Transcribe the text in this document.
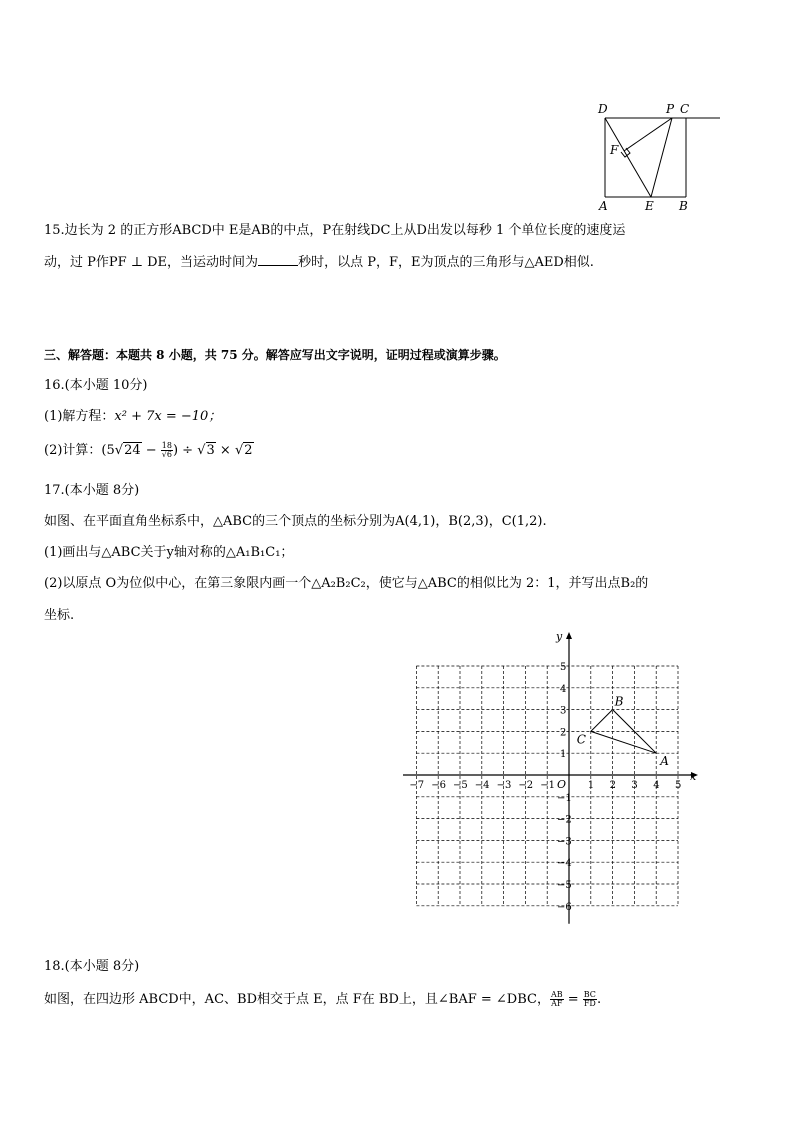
D	P C
F
A	E B
15.边长为 2 的正方形ABCD中 E是AB的中点，P在射线DC上从D出发以每秒 1 个单位长度的速度运
动，过 P作PF ⊥ DE，当运动时间为	秒时，以点 P，F，E为顶点的三角形与△AED相似.
三、解答题：本题共 8 小题，共 75 分。解答应写出文字说明，证明过程或演算步骤。
16.(本小题 10分)
(1)解方程：x² + 7x = −10；
(2)计算：($5√24 - \frac{18}{√6}$ ) ÷ √3 × √2
17.(本小题 8分)
如图、在平面直角坐标系中，△ABC的三个顶点的坐标分别为A(4,1)，B(2,3)，C(1,2).
(1)画出与△ABC关于y轴对称的△A₁B₁C₁；
(2)以原点 O为位似中心，在第三象限内画一个△A₂B₂C₂，使它与△ABC的相似比为 2：1，并写出点B₂的
坐标.
x
y
O
−7 −6 −5 −4 −3 −2 −1	1 2 3 4 5
5
4
3
2
1
−1
−2
−3
−4
−5
−6
A
B
C
18.(本小题 8分)
如图，在四边形 ABCD中，AC、BD相交于点 E，点 F在 BD上，且∠BAF = ∠DBC， $\frac{AB}{AF} = \frac{BC}{FD}$ .
